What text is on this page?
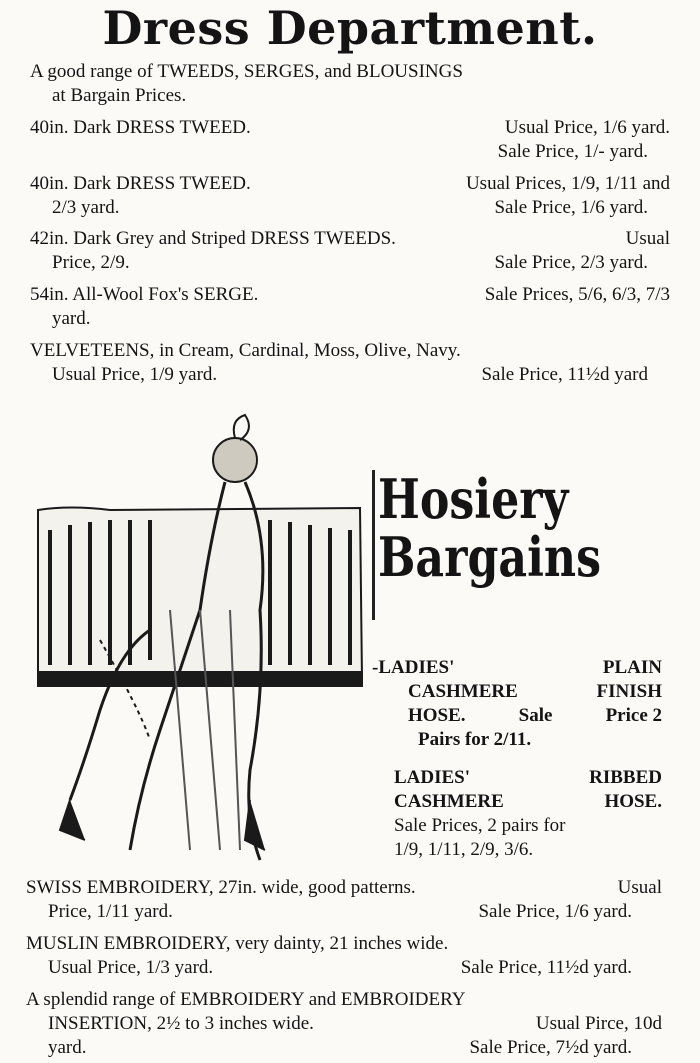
Dress Department.
A good range of TWEEDS, SERGES, and BLOUSINGS
at Bargain Prices.
40in. Dark DRESS TWEED.	Usual Price, 1/6 yard.
Sale Price, 1/- yard.
40in. Dark DRESS TWEED.	Usual Prices, 1/9, 1/11 and
2/3 yard.	Sale Price, 1/6 yard.
42in. Dark Grey and Striped DRESS TWEEDS.	Usual
Price, 2/9.	Sale Price, 2/3 yard.
54in. All-Wool Fox's SERGE.	Sale Prices, 5/6, 6/3, 7/3
yard.
VELVETEENS, in Cream, Cardinal, Moss, Olive, Navy.
Usual Price, 1/9 yard.	Sale Price, 11½d yard
Hosiery
Bargains
-LADIES'	PLAIN
CASHMERE	FINISH
HOSE.	Sale	Price 2
Pairs for 2/11.
LADIES'	RIBBED
CASHMERE	HOSE.
Sale Prices, 2 pairs for
1/9, 1/11, 2/9, 3/6.
SWISS EMBROIDERY, 27in. wide, good patterns.	Usual
Price, 1/11 yard.	Sale Price, 1/6 yard.
MUSLIN EMBROIDERY, very dainty, 21 inches wide.
Usual Price, 1/3 yard.	Sale Price, 11½d yard.
A splendid range of EMBROIDERY and EMBROIDERY
INSERTION, 2½ to 3 inches wide.	Usual Pirce, 10d
yard.	Sale Price, 7½d yard.
